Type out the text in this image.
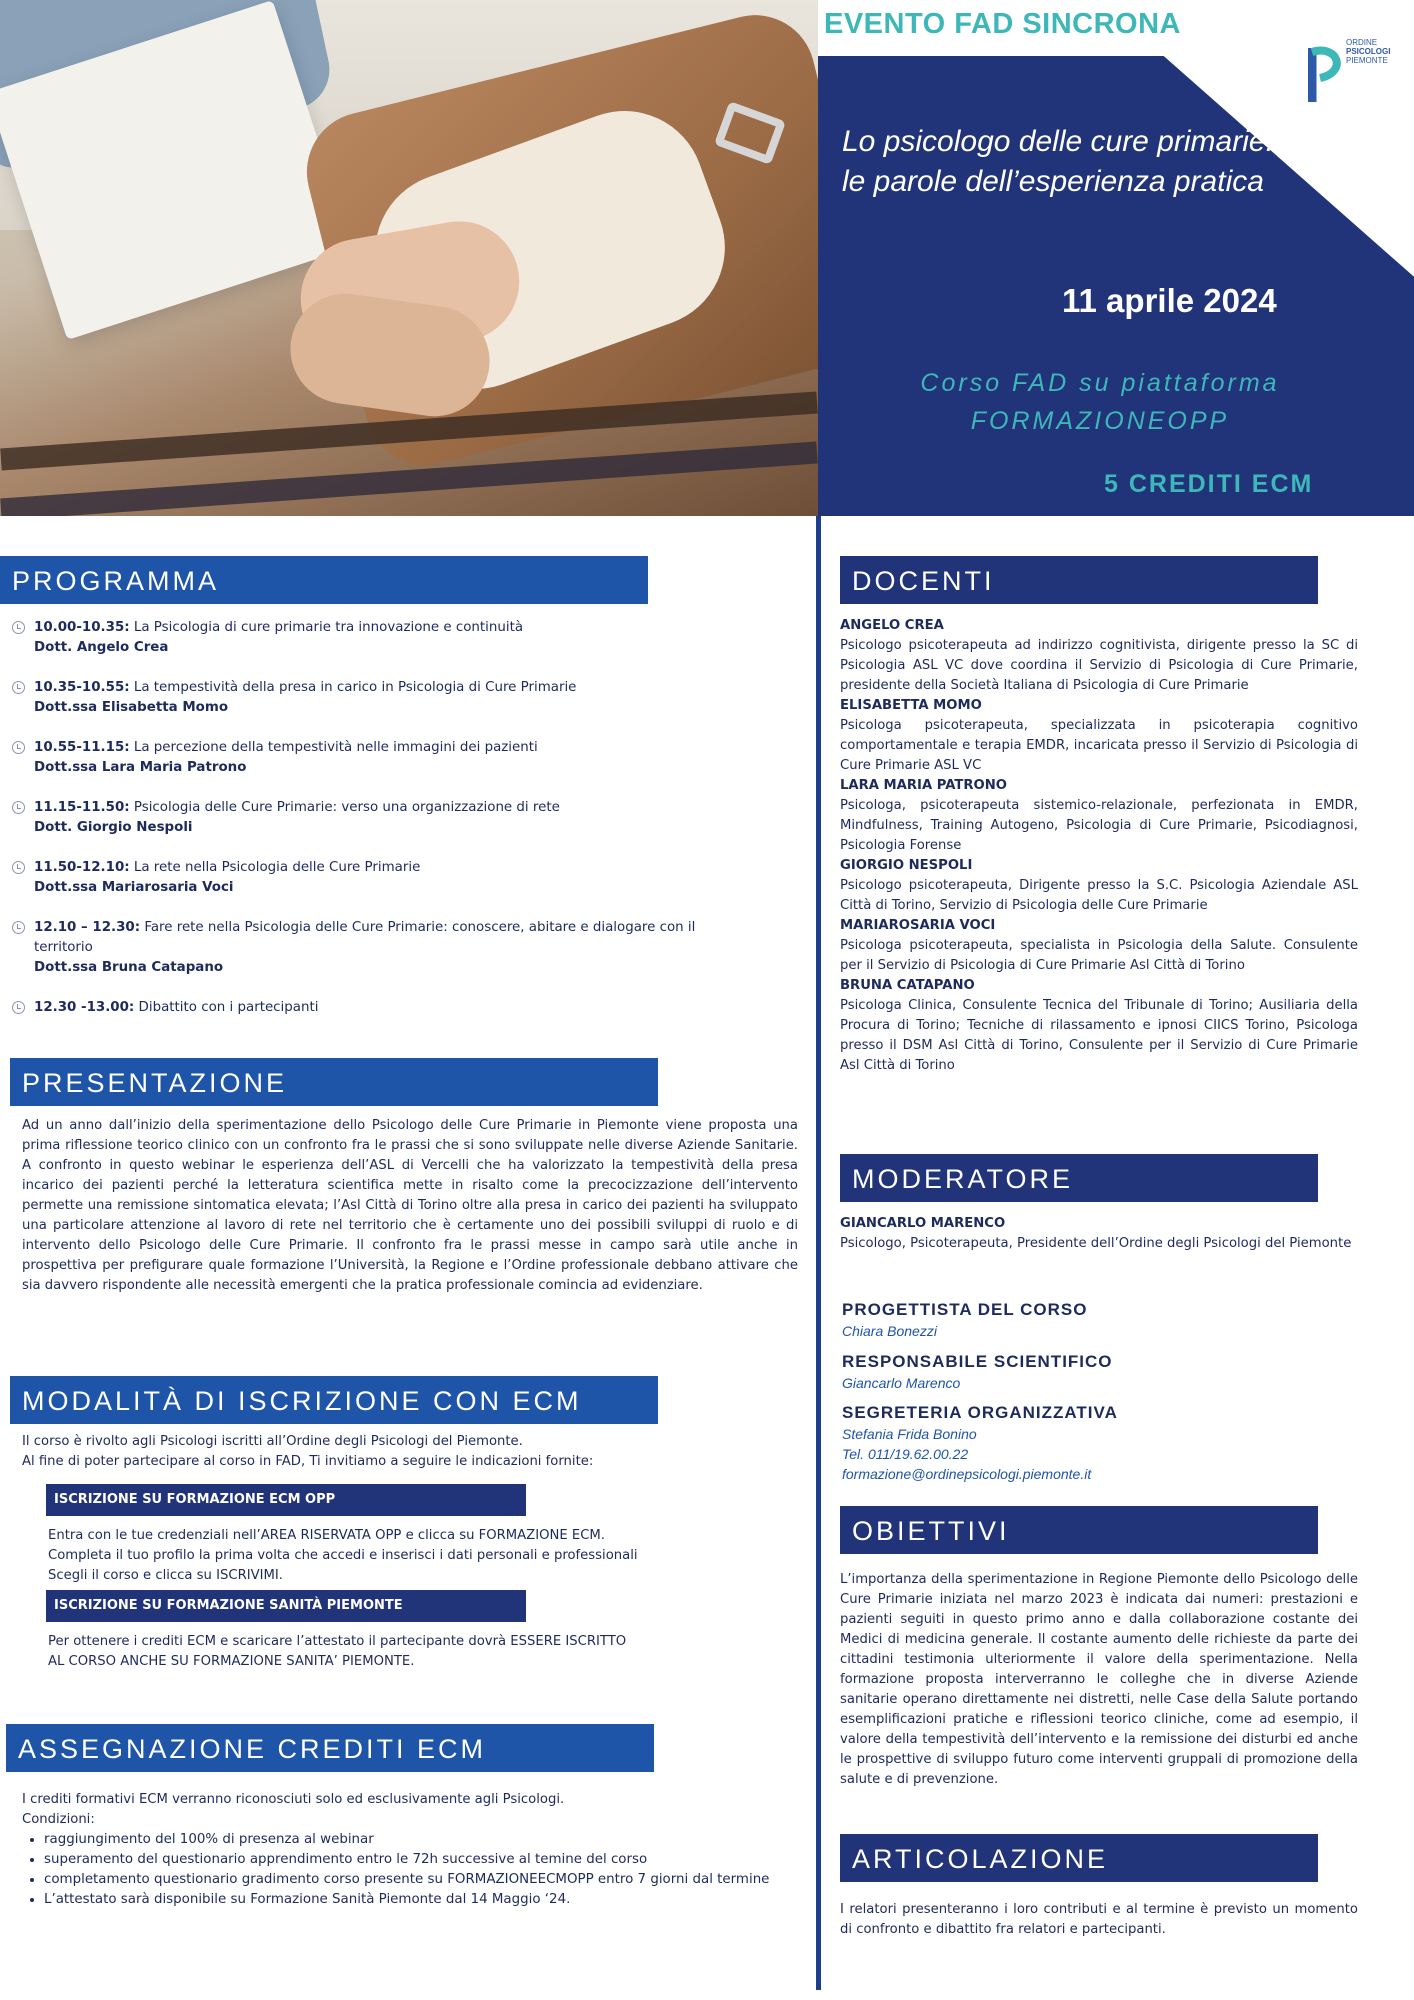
EVENTO FAD SINCRONA
ORDINE
PSICOLOGI
PIEMONTE
Lo psicologo delle cure primarie: le parole dell’esperienza pratica
11 aprile 2024
Corso FAD su piattaforma FORMAZIONEOPP
5 CREDITI ECM
PROGRAMMA
10.00-10.35: La Psicologia di cure primarie tra innovazione e continuità
Dott. Angelo Crea
10.35-10.55: La tempestività della presa in carico in Psicologia di Cure Primarie
Dott.ssa Elisabetta Momo
10.55-11.15: La percezione della tempestività nelle immagini dei pazienti
Dott.ssa Lara Maria Patrono
11.15-11.50: Psicologia delle Cure Primarie: verso una organizzazione di rete
Dott. Giorgio Nespoli
11.50-12.10: La rete nella Psicologia delle Cure Primarie
Dott.ssa Mariarosaria Voci
12.10 – 12.30: Fare rete nella Psicologia delle Cure Primarie: conoscere, abitare e dialogare con il territorio
Dott.ssa Bruna Catapano
12.30 -13.00: Dibattito con i partecipanti
PRESENTAZIONE
Ad un anno dall’inizio della sperimentazione dello Psicologo delle Cure Primarie in Piemonte viene proposta una prima riflessione teorico clinico con un confronto fra le prassi che si sono sviluppate nelle diverse Aziende Sanitarie. A confronto in questo webinar le esperienza dell’ASL di Vercelli che ha valorizzato la tempestività della presa incarico dei pazienti perché la letteratura scientifica mette in risalto come la precocizzazione dell’intervento permette una remissione sintomatica elevata; l’Asl Città di Torino oltre alla presa in carico dei pazienti ha sviluppato una particolare attenzione al lavoro di rete nel territorio che è certamente uno dei possibili sviluppi di ruolo e di intervento dello Psicologo delle Cure Primarie. Il confronto fra le prassi messe in campo sarà utile anche in prospettiva per prefigurare quale formazione l’Università, la Regione e l’Ordine professionale debbano attivare che sia davvero rispondente alle necessità emergenti che la pratica professionale comincia ad evidenziare.
MODALITÀ DI ISCRIZIONE CON ECM
Il corso è rivolto agli Psicologi iscritti all’Ordine degli Psicologi del Piemonte.
Al fine di poter partecipare al corso in FAD, Ti invitiamo a seguire le indicazioni fornite:
ISCRIZIONE SU FORMAZIONE ECM OPP
Entra con le tue credenziali nell’AREA RISERVATA OPP e clicca su FORMAZIONE ECM.
Completa il tuo profilo la prima volta che accedi e inserisci i dati personali e professionali
Scegli il corso e clicca su ISCRIVIMI.
ISCRIZIONE SU FORMAZIONE SANITÀ PIEMONTE
Per ottenere i crediti ECM e scaricare l’attestato il partecipante dovrà ESSERE ISCRITTO
AL CORSO ANCHE SU FORMAZIONE SANITA’ PIEMONTE.
ASSEGNAZIONE CREDITI ECM
I crediti formativi ECM verranno riconosciuti solo ed esclusivamente agli Psicologi.
Condizioni:
• raggiungimento del 100% di presenza al webinar
• superamento del questionario apprendimento entro le 72h successive al temine del corso
• completamento questionario gradimento corso presente su FORMAZIONEECMOPP entro 7 giorni dal termine
• L’attestato sarà disponibile su Formazione Sanità Piemonte dal 14 Maggio ‘24.
DOCENTI
ANGELO CREA
Psicologo psicoterapeuta ad indirizzo cognitivista, dirigente presso la SC di Psicologia ASL VC dove coordina il Servizio di Psicologia di Cure Primarie, presidente della Società Italiana di Psicologia di Cure Primarie
ELISABETTA MOMO
Psicologa psicoterapeuta, specializzata in psicoterapia cognitivo comportamentale e terapia EMDR, incaricata presso il Servizio di Psicologia di Cure Primarie ASL VC
LARA MARIA PATRONO
Psicologa, psicoterapeuta sistemico-relazionale, perfezionata in EMDR, Mindfulness, Training Autogeno, Psicologia di Cure Primarie, Psicodiagnosi, Psicologia Forense
GIORGIO NESPOLI
Psicologo psicoterapeuta, Dirigente presso la S.C. Psicologia Aziendale ASL Città di Torino, Servizio di Psicologia delle Cure Primarie
MARIAROSARIA VOCI
Psicologa psicoterapeuta, specialista in Psicologia della Salute. Consulente per il Servizio di Psicologia di Cure Primarie Asl Città di Torino
BRUNA CATAPANO
Psicologa Clinica, Consulente Tecnica del Tribunale di Torino; Ausiliaria della Procura di Torino; Tecniche di rilassamento e ipnosi CIICS Torino, Psicologa presso il DSM Asl Città di Torino, Consulente per il Servizio di Cure Primarie Asl Città di Torino
MODERATORE
GIANCARLO MARENCO
Psicologo, Psicoterapeuta, Presidente dell’Ordine degli Psicologi del Piemonte
PROGETTISTA DEL CORSO
Chiara Bonezzi
RESPONSABILE SCIENTIFICO
Giancarlo Marenco
SEGRETERIA ORGANIZZATIVA
Stefania Frida Bonino
Tel. 011/19.62.00.22
formazione@ordinepsicologi.piemonte.it
OBIETTIVI
L’importanza della sperimentazione in Regione Piemonte dello Psicologo delle Cure Primarie iniziata nel marzo 2023 è indicata dai numeri: prestazioni e pazienti seguiti in questo primo anno e dalla collaborazione costante dei Medici di medicina generale. Il costante aumento delle richieste da parte dei cittadini testimonia ulteriormente il valore della sperimentazione. Nella formazione proposta interverranno le colleghe che in diverse Aziende sanitarie operano direttamente nei distretti, nelle Case della Salute portando esemplificazioni pratiche e riflessioni teorico cliniche, come ad esempio, il valore della tempestività dell’intervento e la remissione dei disturbi ed anche le prospettive di sviluppo futuro come interventi gruppali di promozione della salute e di prevenzione.
ARTICOLAZIONE
I relatori presenteranno i loro contributi e al termine è previsto un momento di confronto e dibattito fra relatori e partecipanti.
